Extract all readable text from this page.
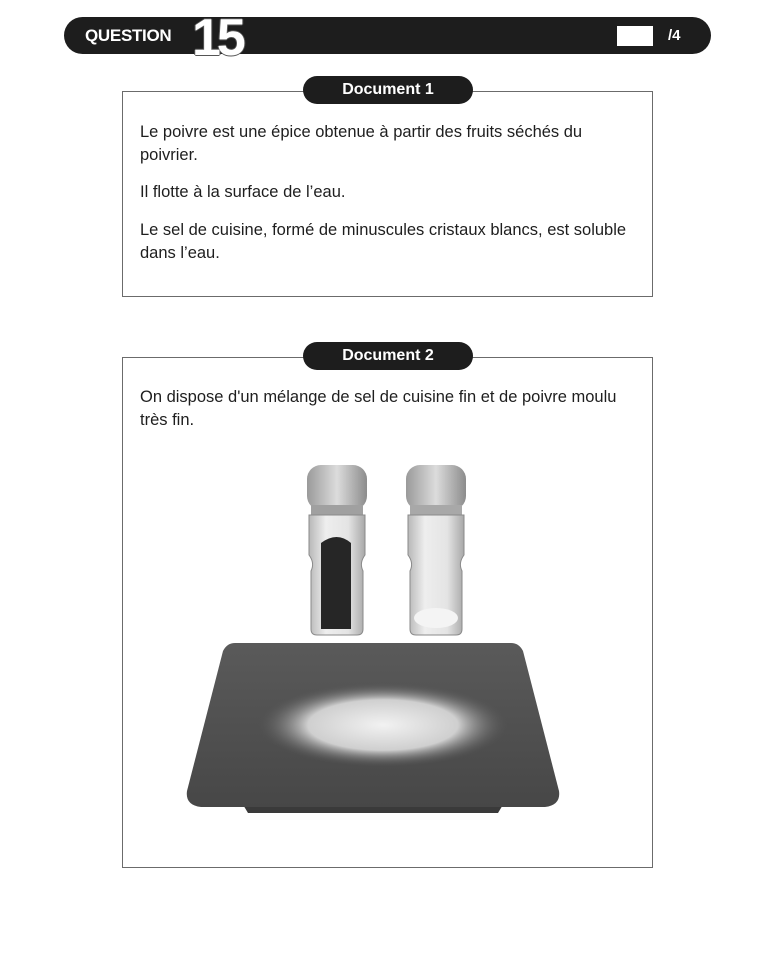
QUESTION 15	/4
Document 1

Le poivre est une épice obtenue à partir des fruits séchés du poivrier.

Il flotte à la surface de l’eau.

Le sel de cuisine, formé de minuscules cristaux blancs, est soluble dans l’eau.

Document 2

On dispose d'un mélange de sel de cuisine fin et de poivre moulu très fin.
